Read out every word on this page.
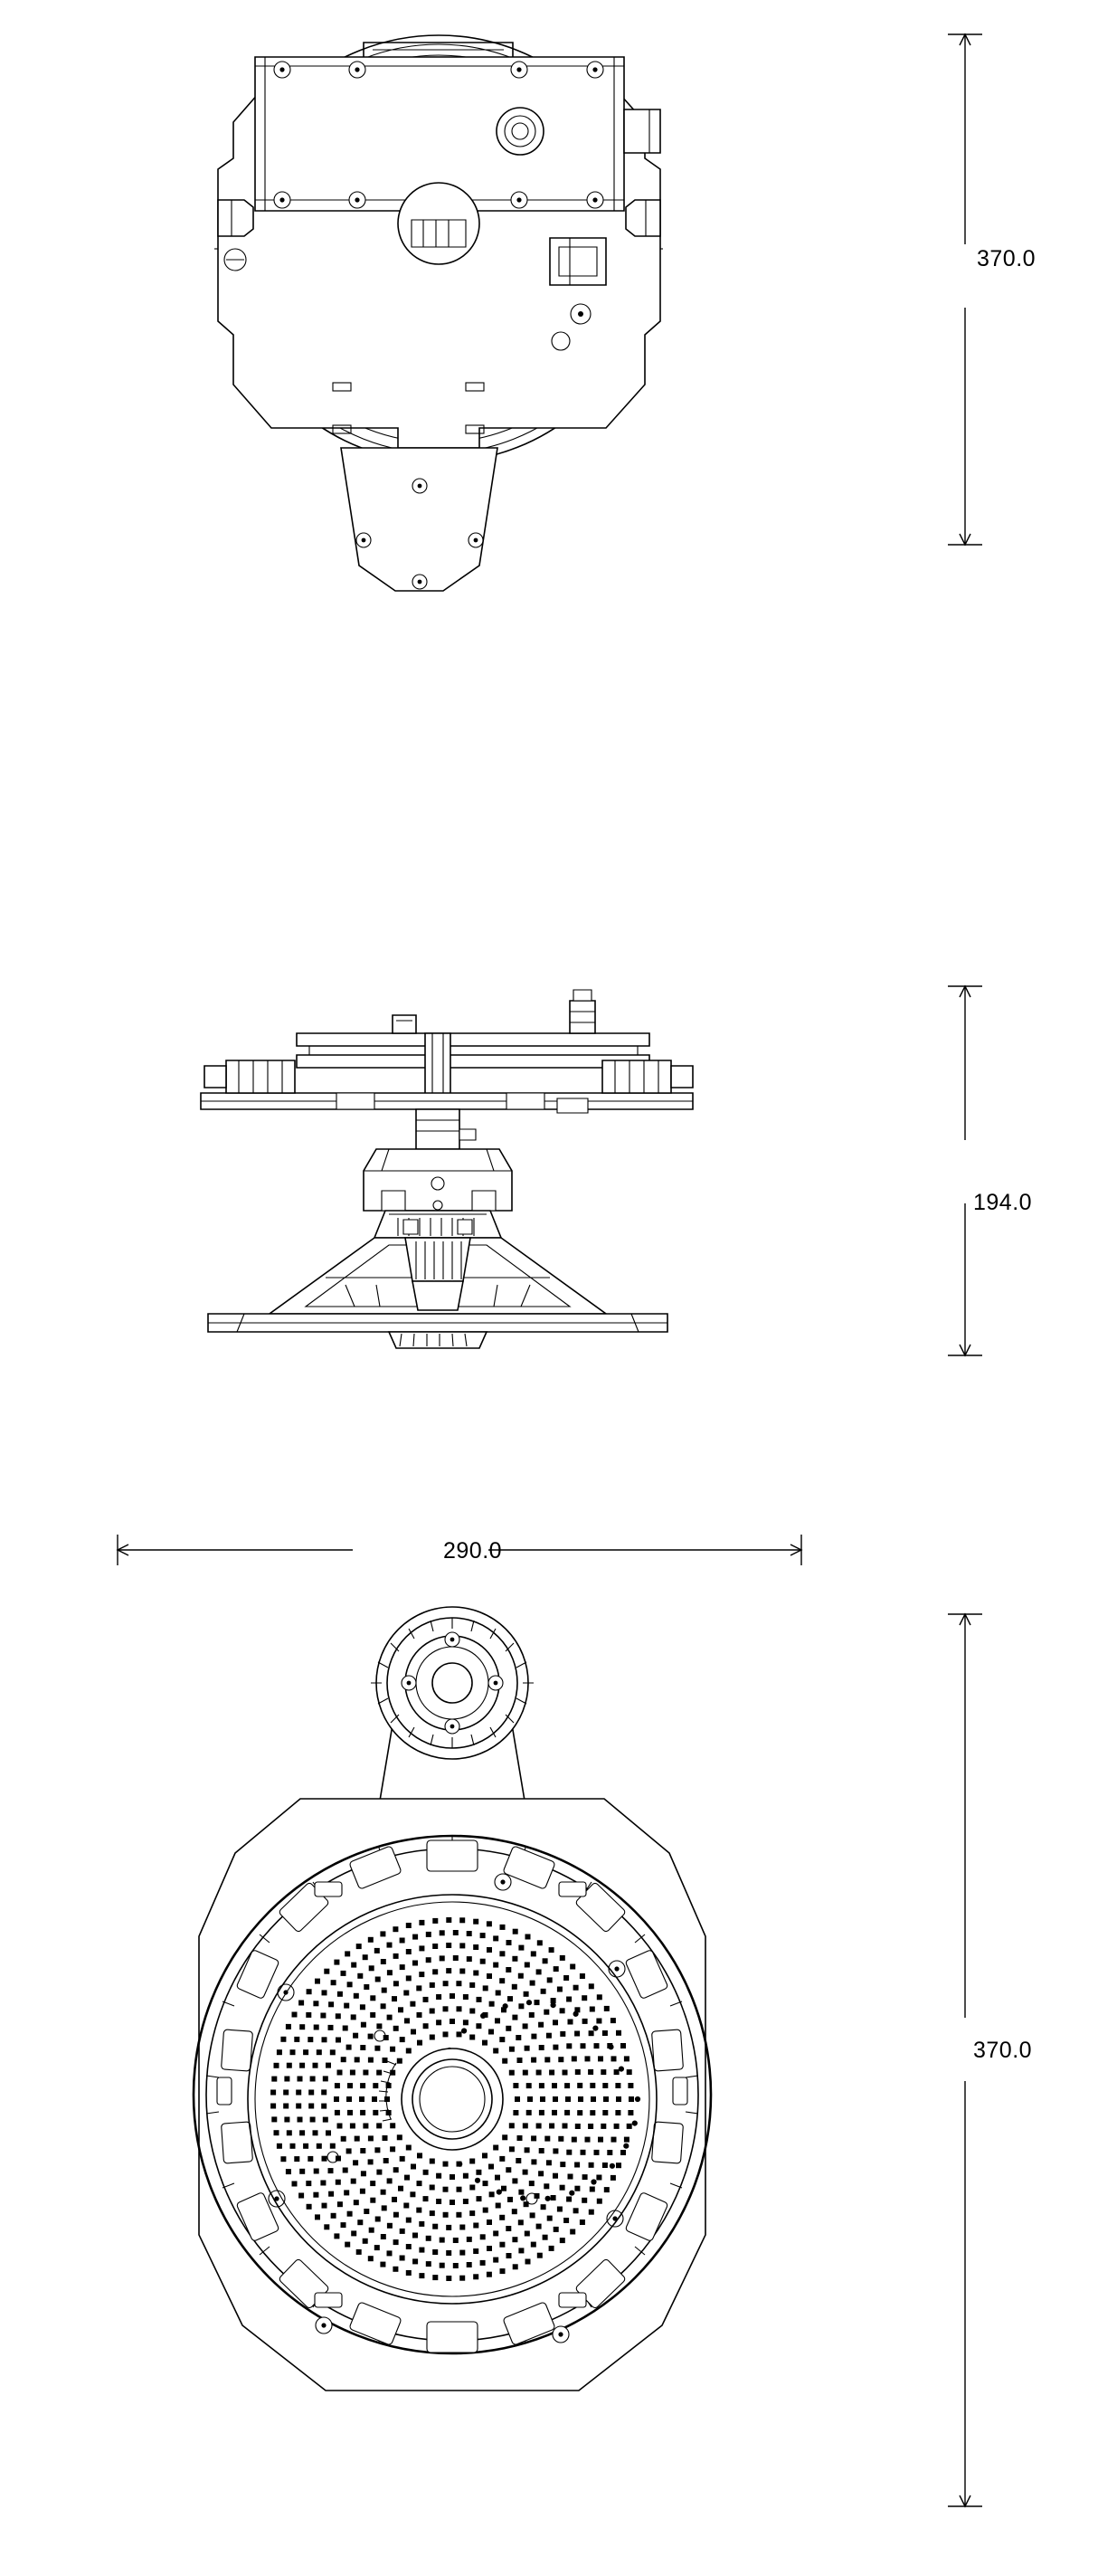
370.0
194.0
290.0
370.0
